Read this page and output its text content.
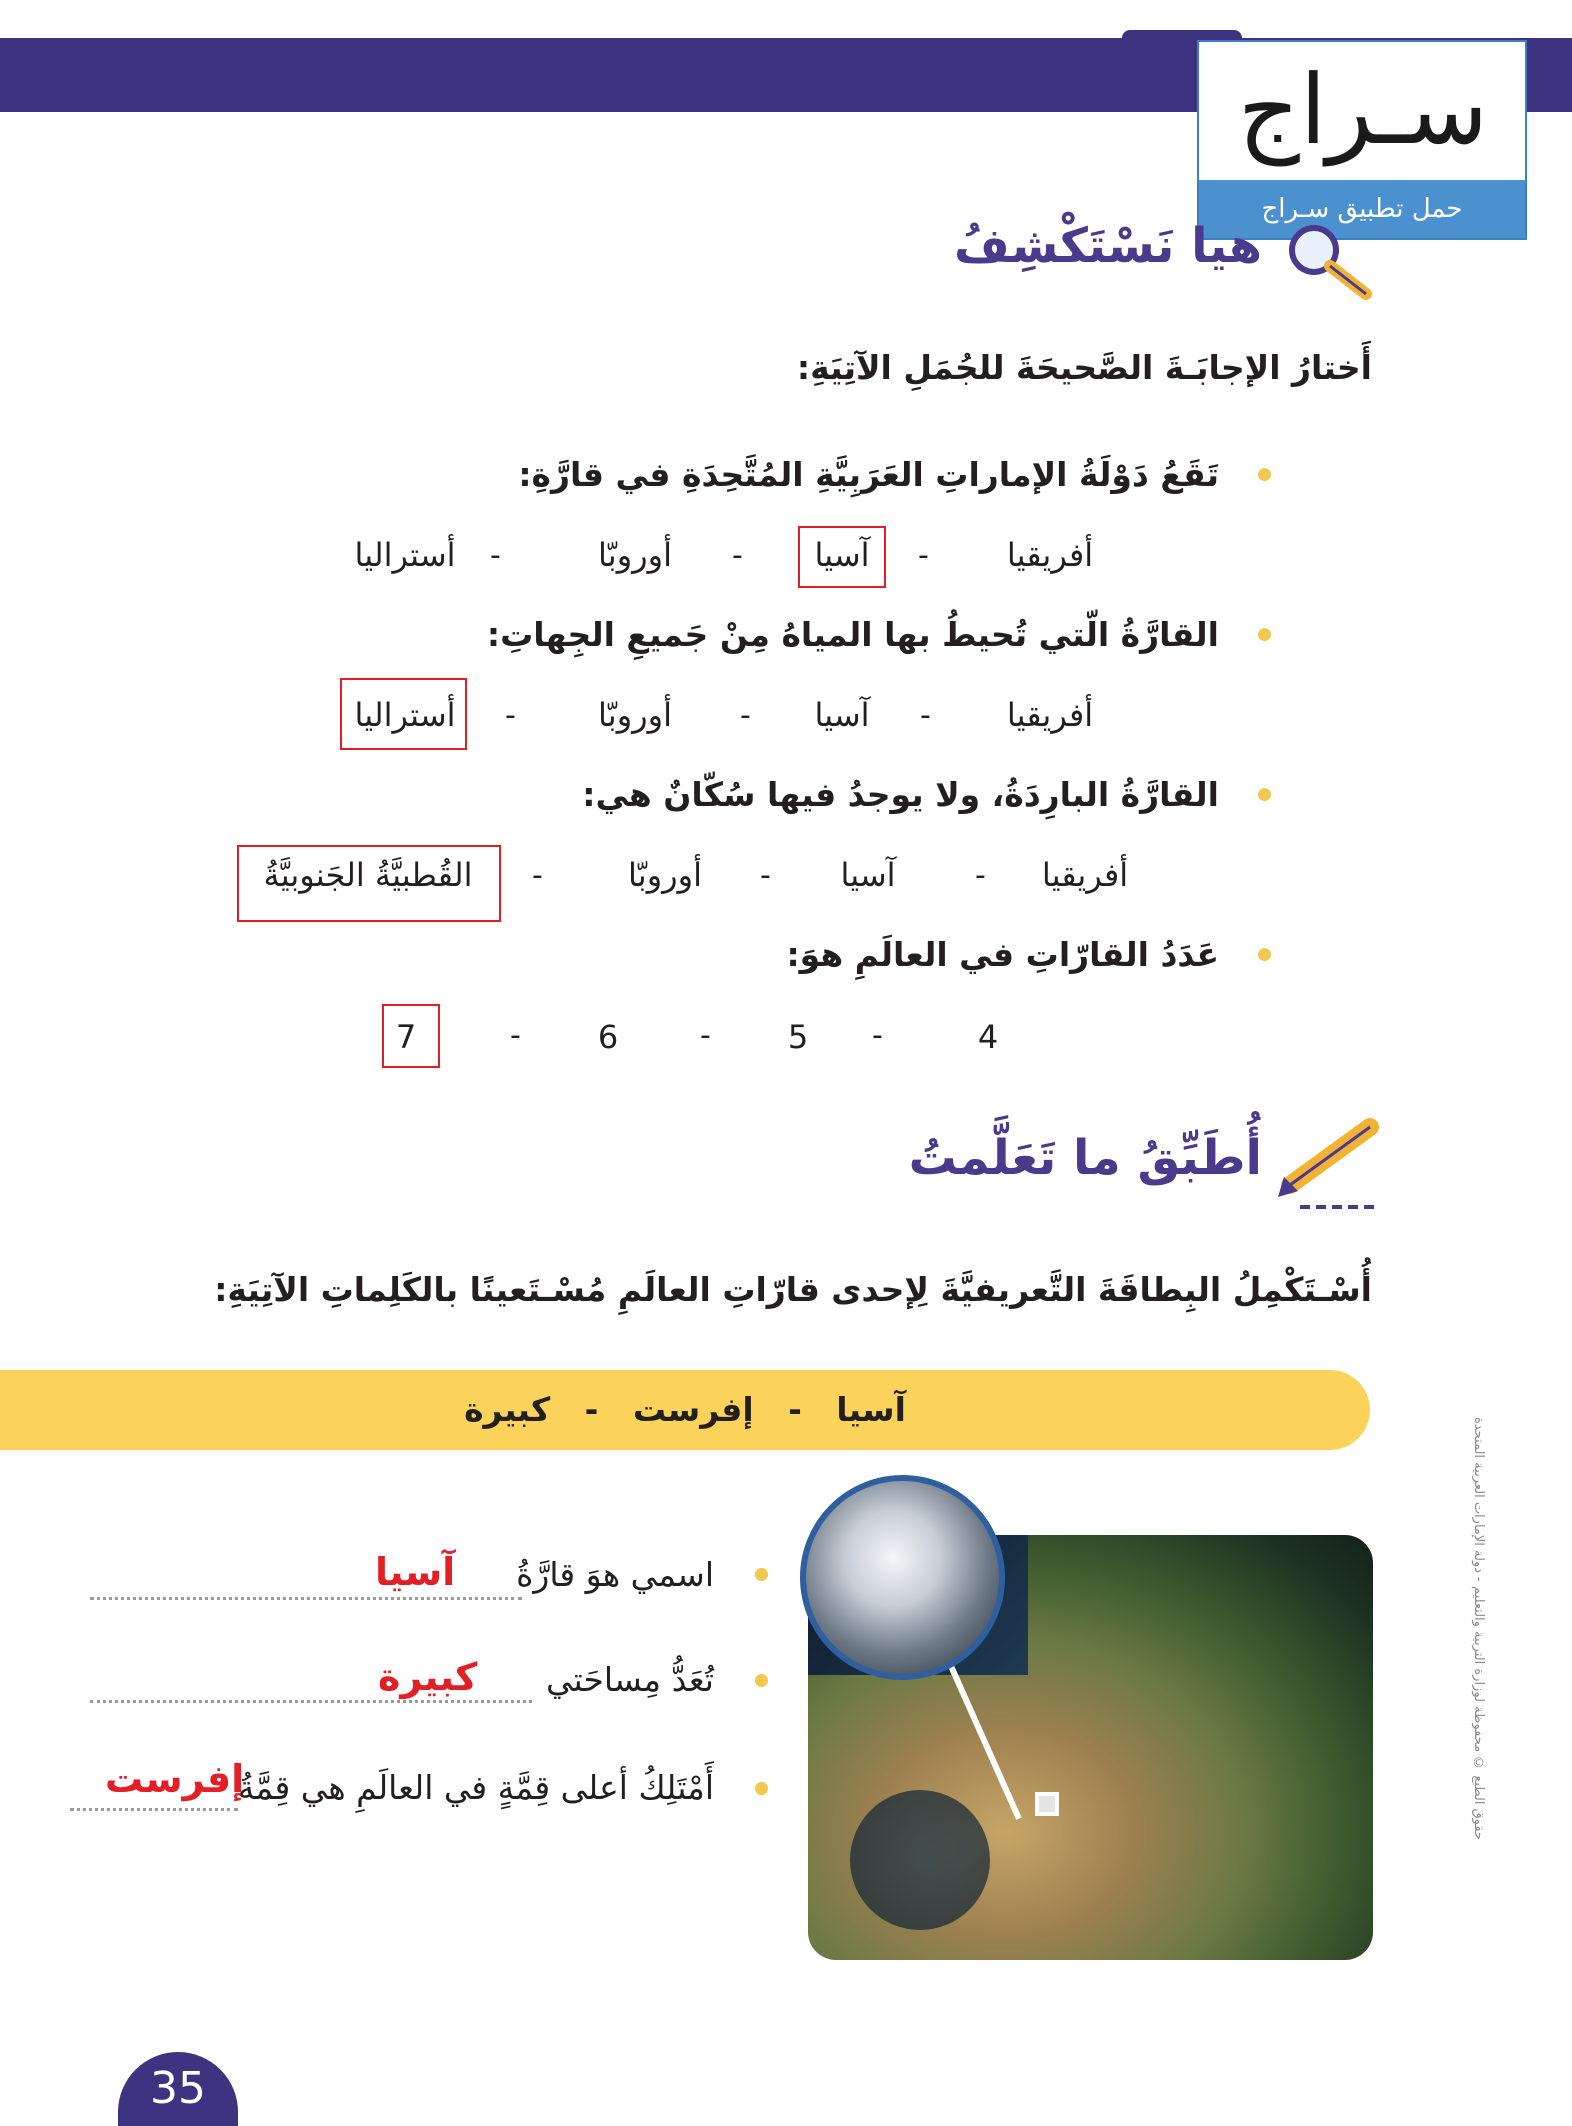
سـراج
حمل تطبيق سـراج
هيا نَسْتَكْشِفُ
أَختارُ الإجابَـةَ الصَّحيحَةَ للجُمَلِ الآتِيَةِ:
تَقَعُ دَوْلَةُ الإماراتِ العَرَبِيَّةِ المُتَّحِدَةِ في قارَّةِ:
أفريقيا
-
آسيا
-
أوروبّا
-
أستراليا
القارَّةُ الّتي تُحيطُ بها المياهُ مِنْ جَميعِ الجِهاتِ:
أفريقيا
-
آسيا
-
أوروبّا
-
أستراليا
القارَّةُ البارِدَةُ، ولا يوجدُ فيها سُكّانٌ هي:
أفريقيا
-
آسيا
-
أوروبّا
-
القُطبيَّةُ الجَنوبيَّةُ
عَدَدُ القارّاتِ في العالَمِ هوَ:
4
-
5
-
6
-
7
أُطَبِّقُ ما تَعَلَّمتُ
أُسْـتَكْمِلُ البِطاقَةَ التَّعريفيَّةَ لِإحدى قارّاتِ العالَمِ مُسْـتَعينًا بالكَلِماتِ الآتِيَةِ:
آسيا   -   إفرست   -   كبيرة
اسمي هوَ قارَّةُ
آسيا
تُعَدُّ مِساحَتي
كبيرة
أَمْتَلِكُ أعلى قِمَّةٍ في العالَمِ هي قِمَّةُ
إفرست	حقوق الطبع © محفوظة لوزارة التربية والتعليم - دولة الإمارات العربية المتحدة
35
